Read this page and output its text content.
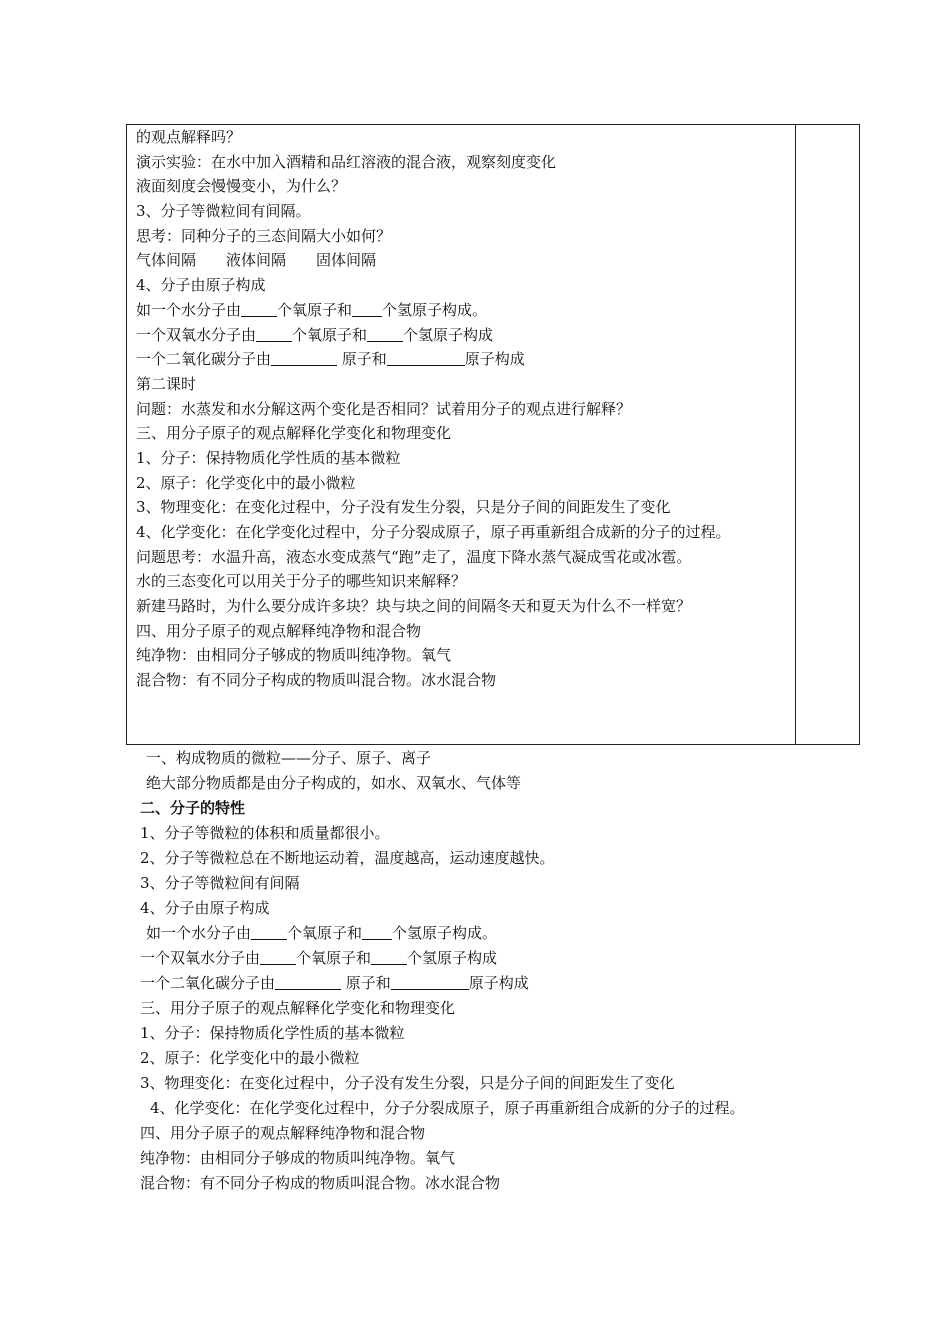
的观点解释吗？
演示实验：在水中加入酒精和品红溶液的混合液，观察刻度变化
液面刻度会慢慢变小，为什么？
3、分子等微粒间有间隔。
思考：同种分子的三态间隔大小如何？
气体间隔　　液体间隔　　固体间隔
4、分子由原子构成
如一个水分子由 个氧原子和 个氢原子构成。
一个双氧水分子由 个氧原子和 个氢原子构成
一个二氧化碳分子由	原子和	原子构成
第二课时
问题：水蒸发和水分解这两个变化是否相同？试着用分子的观点进行解释？
三、用分子原子的观点解释化学变化和物理变化
1、分子：保持物质化学性质的基本微粒
2、原子：化学变化中的最小微粒
3、物理变化：在变化过程中，分子没有发生分裂，只是分子间的间距发生了变化
4、化学变化：在化学变化过程中，分子分裂成原子，原子再重新组合成新的分子的过程。
问题思考：水温升高，液态水变成蒸气“跑”走了，温度下降水蒸气凝成雪花或冰雹。
水的三态变化可以用关于分子的哪些知识来解释？
新建马路时，为什么要分成许多块？块与块之间的间隔冬天和夏天为什么不一样宽？
四、用分子原子的观点解释纯净物和混合物
纯净物：由相同分子够成的物质叫纯净物。氧气
混合物：有不同分子构成的物质叫混合物。冰水混合物
一、构成物质的微粒——分子、原子、离子
绝大部分物质都是由分子构成的，如水、双氧水、气体等
二、分子的特性
1、分子等微粒的体积和质量都很小。
2、分子等微粒总在不断地运动着，温度越高，运动速度越快。
3、分子等微粒间有间隔
4、分子由原子构成
如一个水分子由 个氧原子和 个氢原子构成。
一个双氧水分子由 个氧原子和 个氢原子构成
一个二氧化碳分子由	原子和	原子构成
三、用分子原子的观点解释化学变化和物理变化
1、分子：保持物质化学性质的基本微粒
2、原子：化学变化中的最小微粒
3、物理变化：在变化过程中，分子没有发生分裂，只是分子间的间距发生了变化
4、化学变化：在化学变化过程中，分子分裂成原子，原子再重新组合成新的分子的过程。
四、用分子原子的观点解释纯净物和混合物
纯净物：由相同分子够成的物质叫纯净物。氧气
混合物：有不同分子构成的物质叫混合物。冰水混合物
